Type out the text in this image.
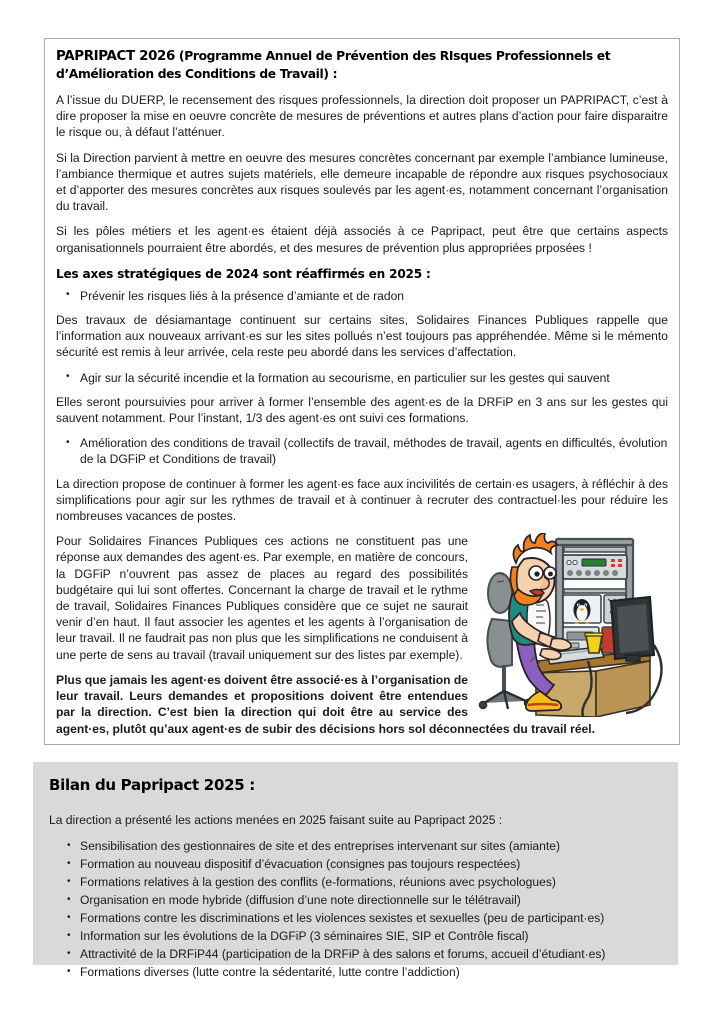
PAPRIPACT 2026 (Programme Annuel de Prévention des RIsques Professionnels et d’Amélioration des Conditions de Travail) :

A l’issue du DUERP, le recensement des risques professionnels, la direction doit proposer un PAPRIPACT, c’est à dire proposer la mise en oeuvre concrète de mesures de préventions et autres plans d’action pour faire disparaitre le risque ou, à défaut l’atténuer.

Si la Direction parvient à mettre en oeuvre des mesures concrètes concernant par exemple l’ambiance lumineuse, l’ambiance thermique et autres sujets matériels, elle demeure incapable de répondre aux risques psychosociaux et d’apporter des mesures concrètes aux risques soulevés par les agent·es, notamment concernant l’organisation du travail.

Si les pôles métiers et les agent·es étaient déjà associés à ce Papripact, peut être que certains aspects organisationnels pourraient être abordés, et des mesures de prévention plus appropriées prposées !

Les axes stratégiques de 2024 sont réaffirmés en 2025 :
• Prévenir les risques liés à la présence d’amiante et de radon

Des travaux de désiamantage continuent sur certains sites, Solidaires Finances Publiques rappelle que l’information aux nouveaux arrivant·es sur les sites pollués n’est toujours pas appréhendée. Même si le mémento sécurité est remis à leur arrivée, cela reste peu abordé dans les services d’affectation.

• Agir sur la sécurité incendie et la formation au secourisme, en particulier sur les gestes qui sauvent

Elles seront poursuivies pour arriver à former l’ensemble des agent·es de la DRFiP en 3 ans sur les gestes qui sauvent notamment. Pour l’instant, 1/3 des agent·es ont suivi ces formations.

• Amélioration des conditions de travail (collectifs de travail, méthodes de travail, agents en difficultés, évolution de la DGFiP et Conditions de travail)

La direction propose de continuer à former les agent·es face aux incivilités de certain·es usagers, à réfléchir à des simplifications pour agir sur les rythmes de travail et à continuer à recruter des contractuel·les pour réduire les nombreuses vacances de postes.

Pour Solidaires Finances Publiques ces actions ne constituent pas une réponse aux demandes des agent·es. Par exemple, en matière de concours, la DGFiP n’ouvrent pas assez de places au regard des possibilités budgétaire qui lui sont offertes. Concernant la charge de travail et le rythme de travail, Solidaires Finances Publiques considère que ce sujet ne saurait venir d’en haut. Il faut associer les agentes et les agents à l’organisation de leur travail. Il ne faudrait pas non plus que les simplifications ne conduisent à une perte de sens au travail (travail uniquement sur des listes par exemple).

Plus que jamais les agent·es doivent être associé·es à l’organisation de leur travail. Leurs demandes et propositions doivent être entendues par la direction. C’est bien la direction qui doit être au service des agent·es, plutôt qu’aux agent·es de subir des décisions hors sol déconnectées du travail réel.

Bilan du Papripact 2025 :

La direction a présenté les actions menées en 2025 faisant suite au Papripact 2025 :

• Sensibilisation des gestionnaires de site et des entreprises intervenant sur sites (amiante)
• Formation au nouveau dispositif d’évacuation (consignes pas toujours respectées)
• Formations relatives à la gestion des conflits (e-formations, réunions avec psychologues)
• Organisation en mode hybride (diffusion d’une note directionnelle sur le télétravail)
• Formations contre les discriminations et les violences sexistes et sexuelles (peu de participant·es)
• Information sur les évolutions de la DGFiP (3 séminaires SIE, SIP et Contrôle fiscal)
• Attractivité de la DRFiP44 (participation de la DRFiP à des salons et forums, accueil d’étudiant·es)
• Formations diverses (lutte contre la sédentarité, lutte contre l’addiction)
